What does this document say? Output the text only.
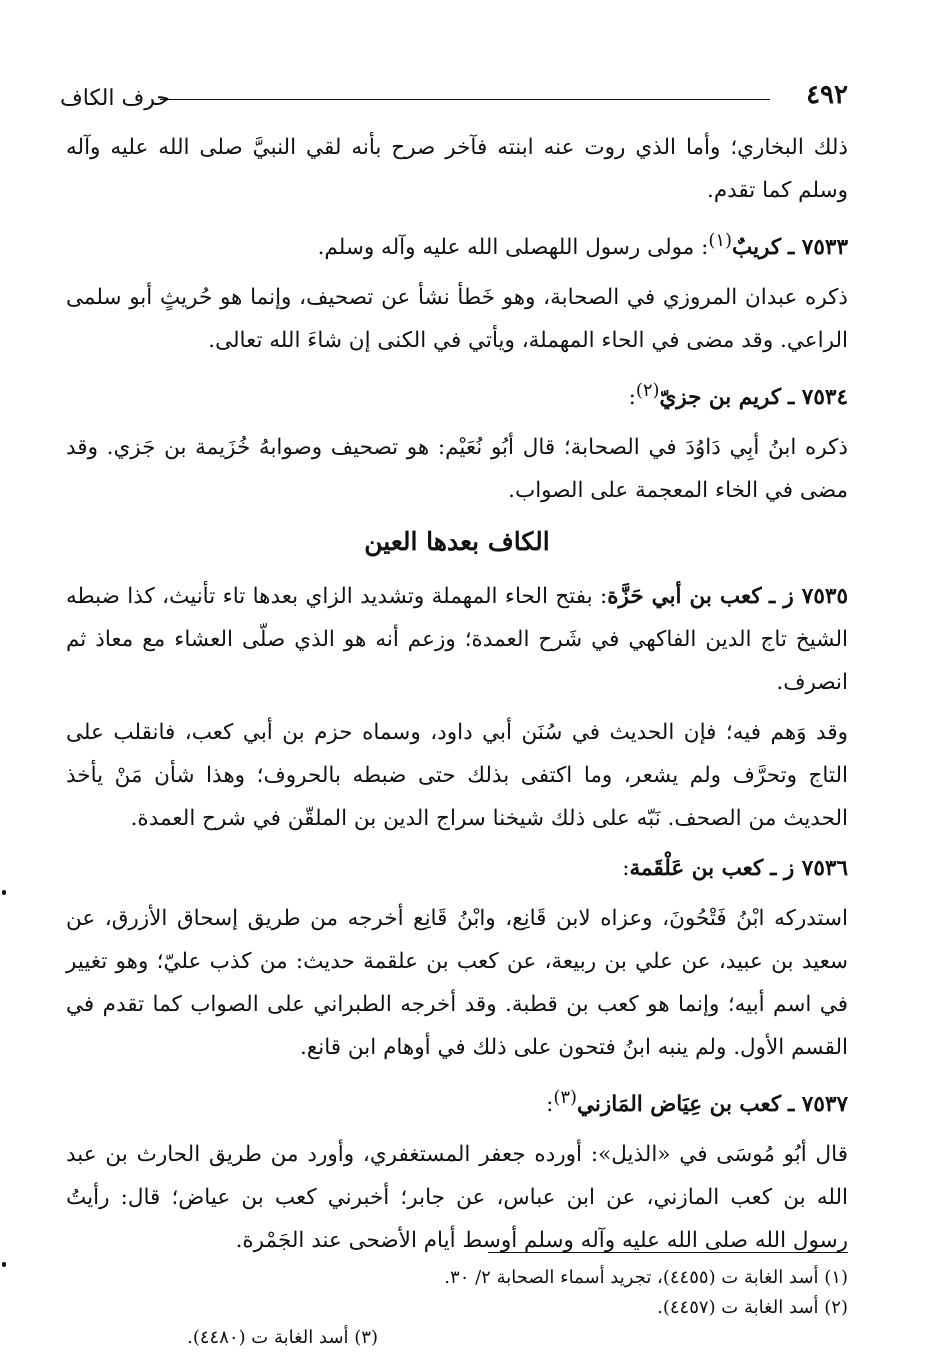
٤٩٢
حرف الكاف

ذلك البخاري؛ وأما الذي روت عنه ابنته فآخر صرح بأنه لقي النبيَّ صلى الله عليه وآله وسلم كما تقدم.

٧٥٣٣ ـ كريبٌ$^{(١)}$: مولى رسول اللهصلى الله عليه وآله وسلم.

ذكره عبدان المروزي في الصحابة، وهو خَطأ نشأ عن تصحيف، وإنما هو حُريثٍ أبو سلمى الراعي. وقد مضى في الحاء المهملة، ويأتي في الكنى إن شاءَ الله تعالى.

٧٥٣٤ ـ كريم بن جزيّ$^{(٢)}$:

ذكره ابنُ أبِي دَاوُدَ في الصحابة؛ قال أبُو نُعَيْم: هو تصحيف وصوابهُ خُزَيمة بن جَزي. وقد مضى في الخاء المعجمة على الصواب.

الكاف بعدها العين

٧٥٣٥ ز ـ كعب بن أبي حَزَّة: بفتح الحاء المهملة وتشديد الزاي بعدها تاء تأنيث، كذا ضبطه الشيخ تاج الدين الفاكهي في شَرح العمدة؛ وزعم أنه هو الذي صلّى العشاء مع معاذ ثم انصرف.

وقد وَهم فيه؛ فإن الحديث في سُنَن أبي داود، وسماه حزم بن أبي كعب، فانقلب على التاج وتحرَّف ولم يشعر، وما اكتفى بذلك حتى ضبطه بالحروف؛ وهذا شأن مَنْ يأخذ الحديث من الصحف. نَبّه على ذلك شيخنا سراج الدين بن الملقّن في شرح العمدة.

٧٥٣٦ ز ـ كعب بن عَلْقَمة:

استدركه ابْنُ فَتْحُونَ، وعزاه لابن قَانِع، وابْنُ قَانِع أخرجه من طريق إسحاق الأزرق، عن سعيد بن عبيد، عن علي بن ربيعة، عن كعب بن علقمة حديث: من كذب عليّ؛ وهو تغيير في اسم أبيه؛ وإنما هو كعب بن قطبة. وقد أخرجه الطبراني على الصواب كما تقدم في القسم الأول. ولم ينبه ابنُ فتحون على ذلك في أوهام ابن قانع.

٧٥٣٧ ـ كعب بن عِيَاض المَازني$^{(٣)}$:

قال أبُو مُوسَى في «الذيل»: أورده جعفر المستغفري، وأورد من طريق الحارث بن عبد الله بن كعب المازني، عن ابن عباس، عن جابر؛ أخبرني كعب بن عياض؛ قال: رأيتُ رسول الله صلى الله عليه وآله وسلم أوسط أيام الأضحى عند الجَمْرة.

(١) أسد الغابة ت (٤٤٥٥)، تجريد أسماء الصحابة ٢/ ٣٠.
(٢) أسد الغابة ت (٤٤٥٧).
(٣) أسد الغابة ت (٤٤٨٠).
